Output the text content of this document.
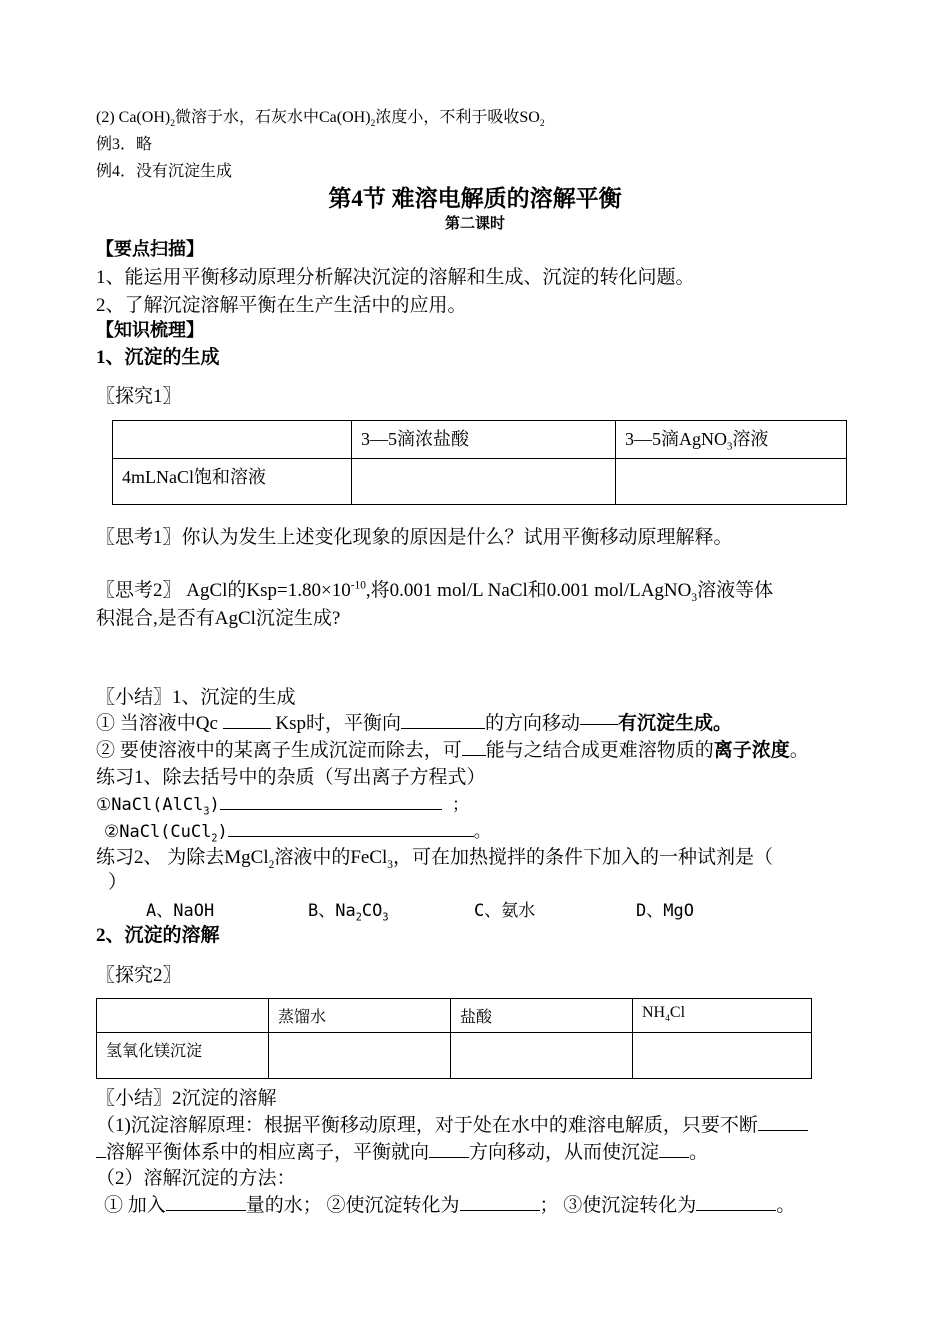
(2) $Ca(OH)_2$微溶于水，石灰水中$Ca(OH)_2$浓度小，不利于吸收$SO_2$
例3．略
例4．没有沉淀生成
第4节 难溶电解质的溶解平衡
第二课时
【要点扫描】
1、能运用平衡移动原理分析解决沉淀的溶解和生成、沉淀的转化问题。
2、了解沉淀溶解平衡在生产生活中的应用。
【知识梳理】
1、沉淀的生成
〖探究1〗
	3—5滴浓盐酸	3—5滴AgNO$_3$溶液
4mLNaCl饱和溶液		
〖思考1〗你认为发生上述变化现象的原因是什么？试用平衡移动原理解释。
〖思考2〗 AgCl的$Ksp=1.80\times 10^{-10}$,将0.001 mol/L NaCl和0.001 mol/LAgNO$_3$溶液等体
积混合,是否有AgCl沉淀生成?
〖小结〗1、沉淀的生成
① 当溶液中Qc	Ksp时，平衡向	的方向移动——有沉淀生成。
② 要使溶液中的某离子生成沉淀而除去，可 能与之结合成更难溶物质的离子浓度。
练习1、除去括号中的杂质（写出离子方程式）
①NaCl(AlCl$_3$)	；
②NaCl(CuCl$_2$)	。
练习2、 为除去MgCl$_2$溶液中的FeCl$_3$，可在加热搅拌的条件下加入的一种试剂是（
）
A、NaOH	B、$Na_2CO_3$	C、氨水	D、MgO
2、沉淀的溶解
〖探究2〗
	蒸馏水	盐酸	$NH_4Cl$
氢氧化镁沉淀			
〖小结〗2沉淀的溶解
（1)沉淀溶解原理：根据平衡移动原理，对于处在水中的难溶电解质，只要不断
溶解平衡体系中的相应离子，平衡就向 方向移动，从而使沉淀 。
（2）溶解沉淀的方法：
① 加入	量的水； ②使沉淀转化为	； ③使沉淀转化为	。
